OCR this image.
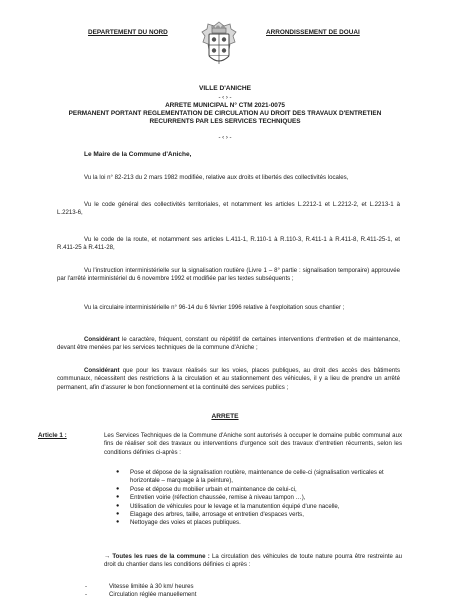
DEPARTEMENT DU NORD	ARRONDISSEMENT DE DOUAI
VILLE D'ANICHE
- ‹ › -
ARRETE MUNICIPAL N° CTM 2021-0075
PERMANENT PORTANT REGLEMENTATION DE CIRCULATION AU DROIT DES TRAVAUX D'ENTRETIEN RECURRENTS PAR LES SERVICES TECHNIQUES
- ‹ › -
Le Maire de la Commune d'Aniche,
Vu la loi n° 82-213 du 2 mars 1982 modifiée, relative aux droits et libertés des collectivités locales,
Vu le code général des collectivités territoriales, et notamment les articles L.2212-1 et L.2212-2, et L.2213-1 à L.2213-6,
Vu le code de la route, et notamment ses articles L.411-1, R.110-1 à R.110-3, R.411-1 à R.411-8, R.411-25-1, et R.411-25 à R.411-28,
Vu l'instruction interministérielle sur la signalisation routière (Livre 1 – 8° partie : signalisation temporaire) approuvée par l'arrêté interministériel du 6 novembre 1992 et modifiée par les textes subséquents ;
Vu la circulaire interministérielle n° 96-14 du 6 février 1996 relative à l'exploitation sous chantier ;
Considérant le caractère, fréquent, constant ou répétitif de certaines interventions d'entretien et de maintenance, devant être menées par les services techniques de la commune d'Aniche ;
Considérant que pour les travaux réalisés sur les voies, places publiques, au droit des accès des bâtiments communaux, nécessitent des restrictions à la circulation et au stationnement des véhicules, il y a lieu de prendre un arrêté permanent, afin d'assurer le bon fonctionnement et la continuité des services publics ;
ARRETE
Article 1 :	Les Services Techniques de la Commune d'Aniche sont autorisés à occuper le domaine public communal aux fins de réaliser soit des travaux ou interventions d'urgence soit des travaux d'entretien récurrents, selon les conditions définies ci-après :
● Pose et dépose de la signalisation routière, maintenance de celle-ci (signalisation verticales et horizontale – marquage à la peinture),
● Pose et dépose du mobilier urbain et maintenance de celui-ci,
● Entretien voirie (réfection chaussée, remise à niveau tampon …),
● Utilisation de véhicules pour le levage et la manutention équipé d'une nacelle,
● Elagage des arbres, taille, arrosage et entretien d'espaces verts,
● Nettoyage des voies et places publiques.
→ Toutes les rues de la commune : La circulation des véhicules de toute nature pourra être restreinte au droit du chantier dans les conditions définies ci après :
- Vitesse limitée à 30 km/ heures
- Circulation réglée manuellement
